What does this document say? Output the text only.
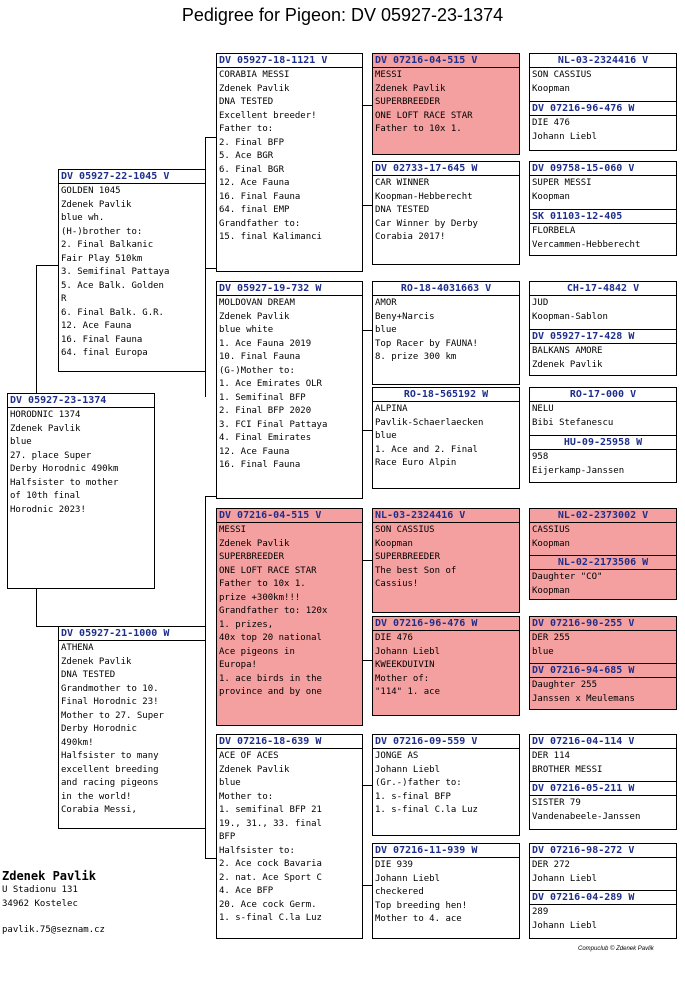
Pedigree for Pigeon: DV 05927-23-1374
DV 05927-23-1374
HORODNIC 1374
Zdenek Pavlik
blue
27. place Super
Derby Horodnic 490km
Halfsister to mother
of 10th final
Horodnic 2023!
DV 05927-22-1045 V
GOLDEN 1045
Zdenek Pavlik
blue wh.
(H-)brother to:
2. Final Balkanic
Fair Play 510km
3. Semifinal Pattaya
5. Ace Balk. Golden
R
6. Final Balk. G.R.
12. Ace Fauna
16. Final Fauna
64. final Europa
DV 05927-21-1000 W
ATHENA
Zdenek Pavlik
DNA TESTED
Grandmother to 10.
Final Horodnic 23!
Mother to 27. Super
Derby Horodnic
490km!
Halfsister to many
excellent breeding
and racing pigeons
in the world!
Corabia Messi,
DV 05927-18-1121 V
CORABIA MESSI
Zdenek Pavlik
DNA TESTED
Excellent breeder!
Father to:
2. Final BFP
5. Ace BGR
6. Final BGR
12. Ace Fauna
16. Final Fauna
64. final EMP
Grandfather to:
15. final Kalimanci
DV 05927-19-732 W
MOLDOVAN DREAM
Zdenek Pavlik
blue white
1. Ace Fauna 2019
10. Final Fauna
(G-)Mother to:
1. Ace Emirates OLR
1. Semifinal BFP
2. Final BFP 2020
3. FCI Final Pattaya
4. Final Emirates
12. Ace Fauna
16. Final Fauna
DV 07216-04-515 V
MESSI
Zdenek Pavlik
SUPERBREEDER
ONE LOFT RACE STAR
Father to 10x 1.
prize +300km!!!
Grandfather to: 120x
1. prizes,
40x top 20 national
Ace pigeons in
Europa!
1. ace birds in the
province and by one
DV 07216-18-639 W
ACE OF ACES
Zdenek Pavlik
blue
Mother to:
1. semifinal BFP 21
19., 31., 33. final
BFP
Halfsister to:
2. Ace cock Bavaria
2. nat. Ace Sport C
4. Ace BFP
20. Ace cock Germ.
1. s-final C.la Luz
DV 07216-04-515 V
MESSI
Zdenek Pavlik
SUPERBREEDER
ONE LOFT RACE STAR
Father to 10x 1.
DV 02733-17-645 W
CAR WINNER
Koopman-Hebberecht
DNA TESTED
Car Winner by Derby
Corabia 2017!
RO-18-4031663 V
AMOR
Beny+Narcis
blue
Top Racer by FAUNA!
8. prize 300 km
RO-18-565192 W
ALPINA
Pavlik-Schaerlaecken
blue
1. Ace and 2. Final
Race Euro Alpin
NL-03-2324416 V
SON CASSIUS
Koopman
SUPERBREEDER
The best Son of
Cassius!
DV 07216-96-476 W
DIE 476
Johann Liebl
KWEEKDUIVIN
Mother of:
"114" 1. ace
DV 07216-09-559 V
JONGE AS
Johann Liebl
(Gr.-)father to:
1. s-final BFP
1. s-final C.la Luz
DV 07216-11-939 W
DIE 939
Johann Liebl
checkered
Top breeding hen!
Mother to 4. ace
NL-03-2324416 V
SON CASSIUS
Koopman
DV 07216-96-476 W
DIE 476
Johann Liebl
DV 09758-15-060 V
SUPER MESSI
Koopman
SK 01103-12-405
FLORBELA
Vercammen-Hebberecht
CH-17-4842 V
JUD
Koopman-Sablon
DV 05927-17-428 W
BALKANS AMORE
Zdenek Pavlik
RO-17-000 V
NELU
Bibi Stefanescu
HU-09-25958 W
958
Eijerkamp-Janssen
NL-02-2373002 V
CASSIUS
Koopman
NL-02-2173506 W
Daughter "CO"
Koopman
DV 07216-90-255 V
DER 255
blue
DV 07216-94-685 W
Daughter 255
Janssen x Meulemans
DV 07216-04-114 V
DER 114
BROTHER MESSI
DV 07216-05-211 W
SISTER 79
Vandenabeele-Janssen
DV 07216-98-272 V
DER 272
Johann Liebl
DV 07216-04-289 W
289
Johann Liebl
Zdenek Pavlik
U Stadionu 131
34962 Kostelec
pavlik.75@seznam.cz
Compuclub © Zdenek Pavlik
